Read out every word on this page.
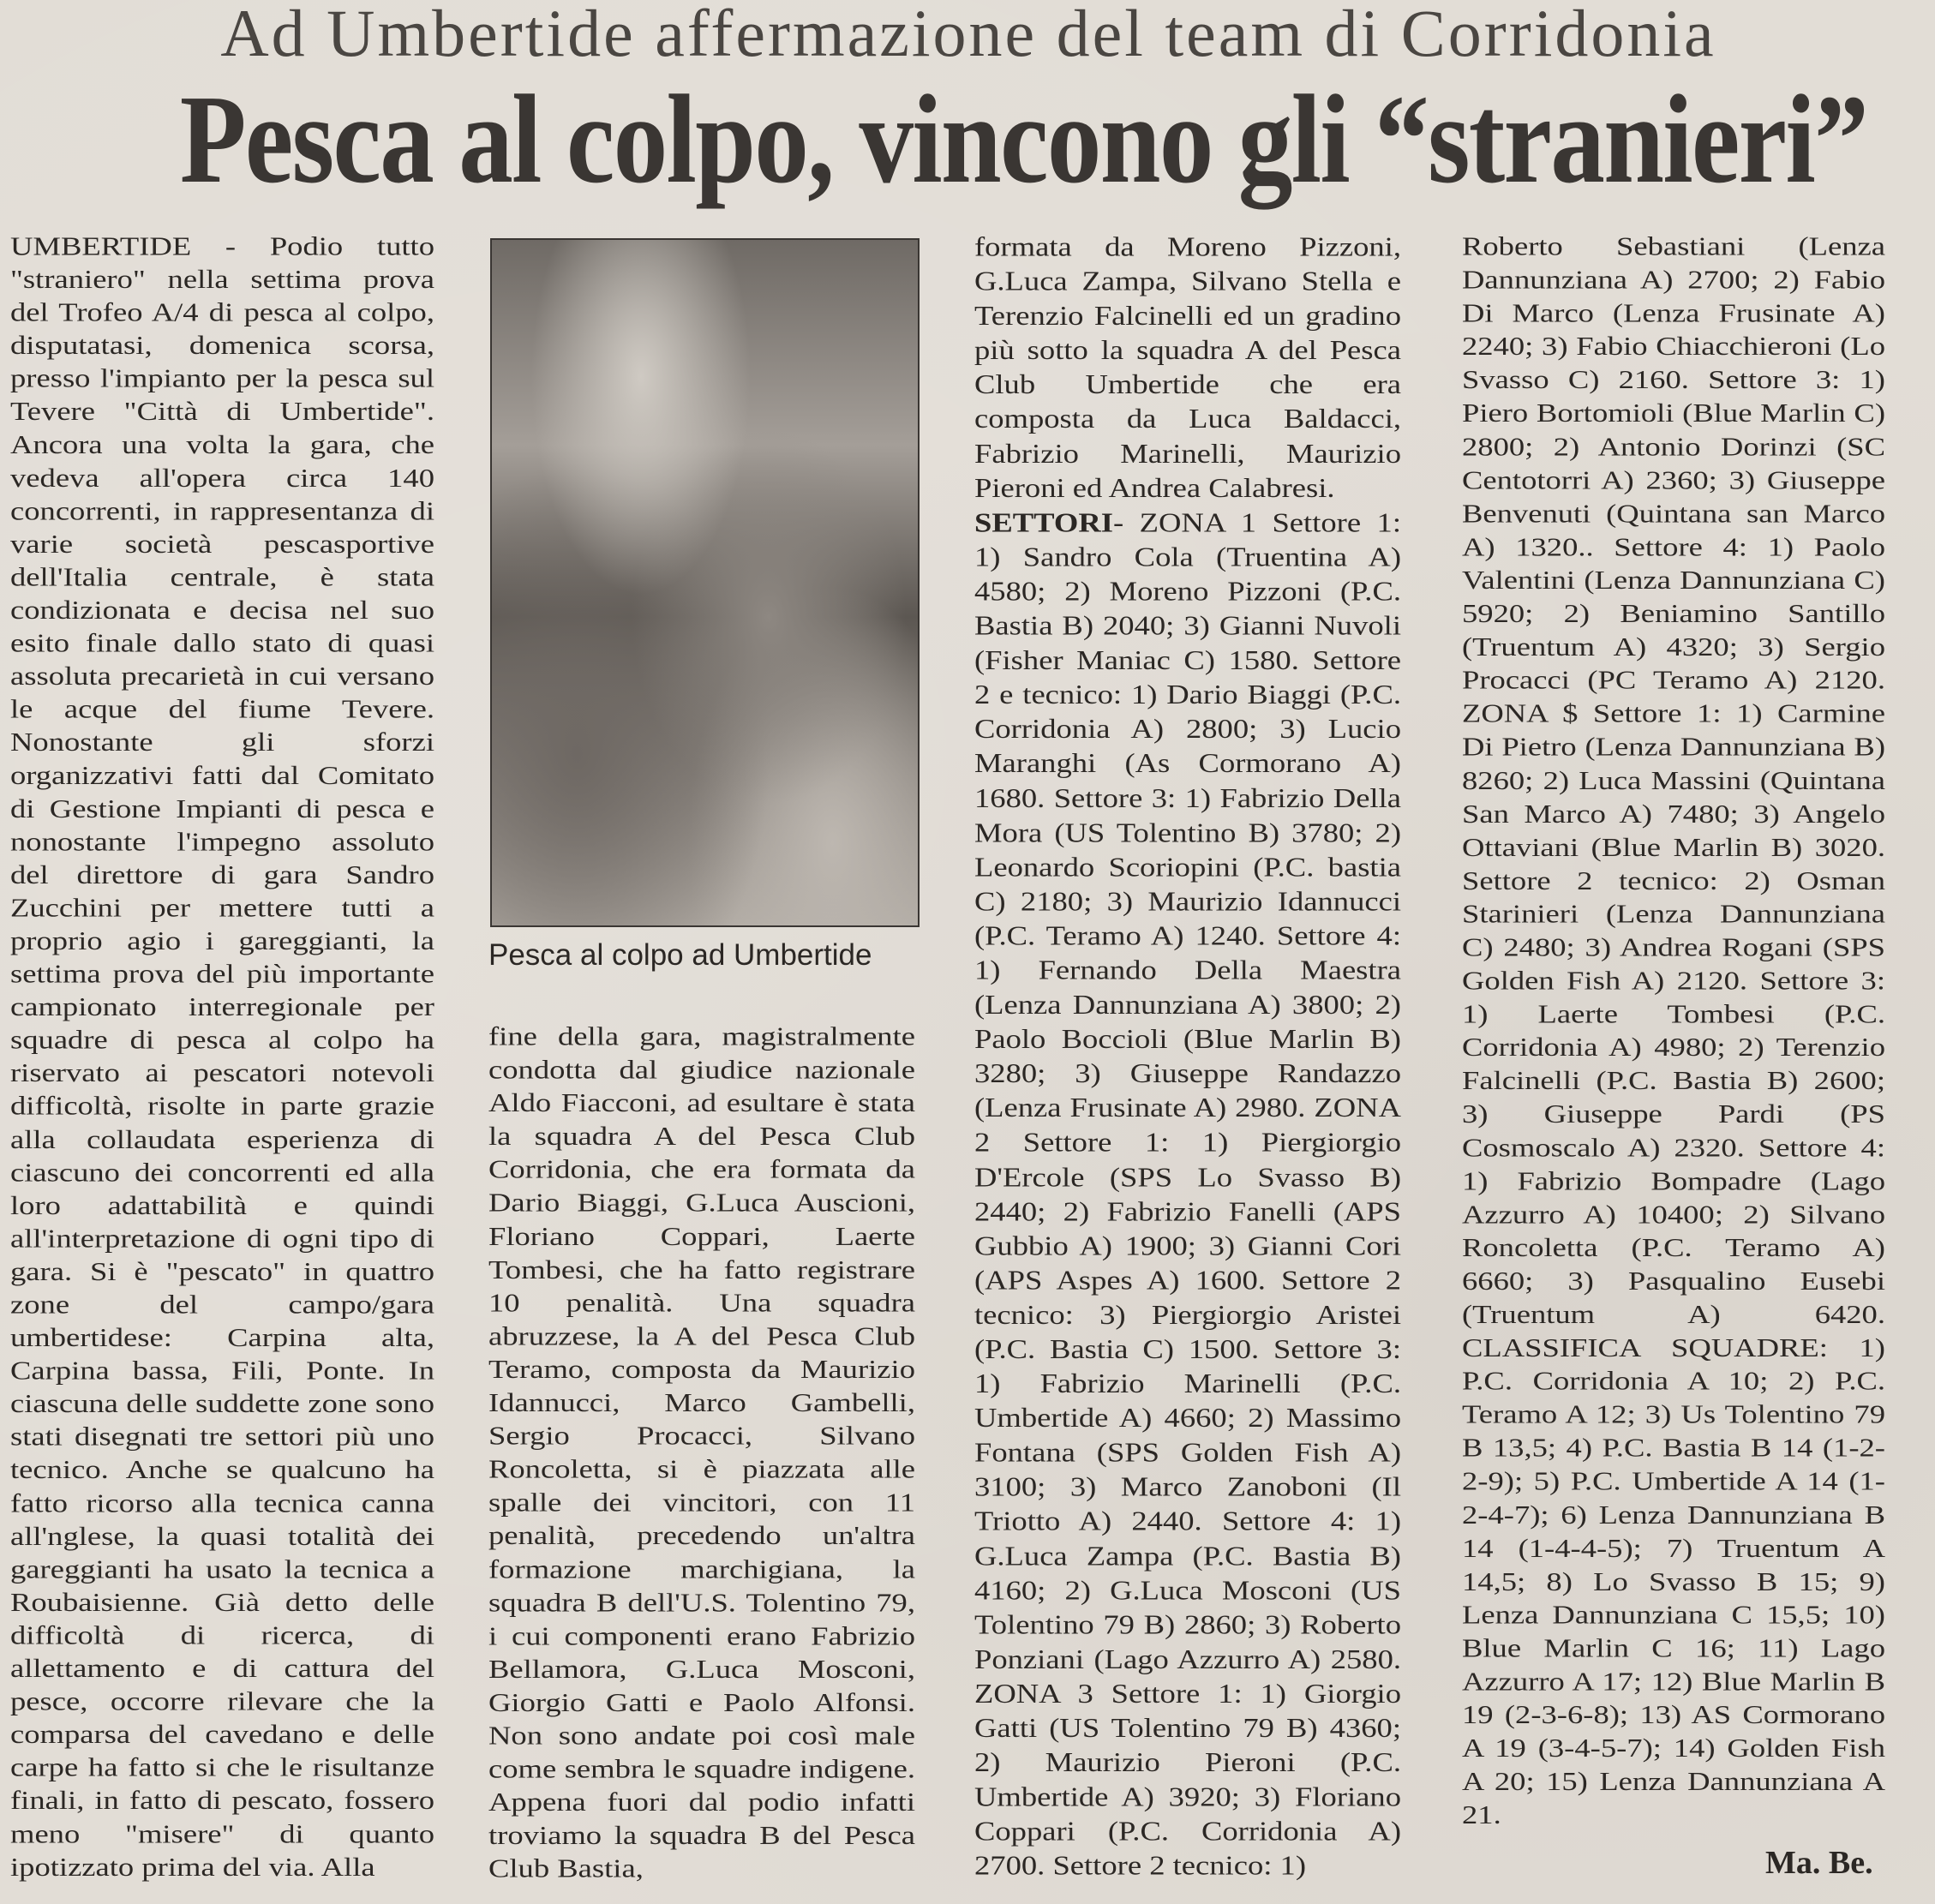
Ad Umbertide affermazione del team di Corridonia
Pesca al colpo, vincono gli “stranieri”

UMBERTIDE - Podio tutto "straniero" nella settima prova del Trofeo A/4 di pesca al colpo, disputatasi, domenica scorsa, presso l'impianto per la pesca sul Tevere "Città di Umbertide". Ancora una volta la gara, che vedeva all'opera circa 140 concorrenti, in rappresentanza di varie società pescasportive dell'Italia centrale, è stata condizionata e decisa nel suo esito finale dallo stato di quasi assoluta precarietà in cui versano le acque del fiume Tevere. Nonostante gli sforzi organizzativi fatti dal Comitato di Gestione Impianti di pesca e nonostante l'impegno assoluto del direttore di gara Sandro Zucchini per mettere tutti a proprio agio i gareggianti, la settima prova del più importante campionato interregionale per squadre di pesca al colpo ha riservato ai pescatori notevoli difficoltà, risolte in parte grazie alla collaudata esperienza di ciascuno dei concorrenti ed alla loro adattabilità e quindi all'interpretazione di ogni tipo di gara. Si è "pescato" in quattro zone del campo/gara umbertidese: Carpina alta, Carpina bassa, Fili, Ponte. In ciascuna delle suddette zone sono stati disegnati tre settori più uno tecnico. Anche se qualcuno ha fatto ricorso alla tecnica canna all'nglese, la quasi totalità dei gareggianti ha usato la tecnica a Roubaisienne. Già detto delle difficoltà di ricerca, di allettamento e di cattura del pesce, occorre rilevare che la comparsa del cavedano e delle carpe ha fatto si che le risultanze finali, in fatto di pescato, fossero meno "misere" di quanto ipotizzato prima del via. Alla

Pesca al colpo ad Umbertide

fine della gara, magistralmente condotta dal giudice nazionale Aldo Fiacconi, ad esultare è stata la squadra A del Pesca Club Corridonia, che era formata da Dario Biaggi, G.Luca Auscioni, Floriano Coppari, Laerte Tombesi, che ha fatto registrare 10 penalità. Una squadra abruzzese, la A del Pesca Club Teramo, composta da Maurizio Idannucci, Marco Gambelli, Sergio Procacci, Silvano Roncoletta, si è piazzata alle spalle dei vincitori, con 11 penalità, precedendo un'altra formazione marchigiana, la squadra B dell'U.S. Tolentino 79, i cui componenti erano Fabrizio Bellamora, G.Luca Mosconi, Giorgio Gatti e Paolo Alfonsi. Non sono andate poi così male come sembra le squadre indigene. Appena fuori dal podio infatti troviamo la squadra B del Pesca Club Bastia,

formata da Moreno Pizzoni, G.Luca Zampa, Silvano Stella e Terenzio Falcinelli ed un gradino più sotto la squadra A del Pesca Club Umbertide che era composta da Luca Baldacci, Fabrizio Marinelli, Maurizio Pieroni ed Andrea Calabresi.

SETTORI- ZONA 1 Settore 1: 1) Sandro Cola (Truentina A) 4580; 2) Moreno Pizzoni (P.C. Bastia B) 2040; 3) Gianni Nuvoli (Fisher Maniac C) 1580. Settore 2 e tecnico: 1) Dario Biaggi (P.C. Corridonia A) 2800; 3) Lucio Maranghi (As Cormorano A) 1680. Settore 3: 1) Fabrizio Della Mora (US Tolentino B) 3780; 2) Leonardo Scoriopini (P.C. bastia C) 2180; 3) Maurizio Idannucci (P.C. Teramo A) 1240. Settore 4: 1) Fernando Della Maestra (Lenza Dannunziana A) 3800; 2) Paolo Boccioli (Blue Marlin B) 3280; 3) Giuseppe Randazzo (Lenza Frusinate A) 2980. ZONA 2 Settore 1: 1) Piergiorgio D'Ercole (SPS Lo Svasso B) 2440; 2) Fabrizio Fanelli (APS Gubbio A) 1900; 3) Gianni Cori (APS Aspes A) 1600. Settore 2 tecnico: 3) Piergiorgio Aristei (P.C. Bastia C) 1500. Settore 3: 1) Fabrizio Marinelli (P.C. Umbertide A) 4660; 2) Massimo Fontana (SPS Golden Fish A) 3100; 3) Marco Zanoboni (Il Triotto A) 2440. Settore 4: 1) G.Luca Zampa (P.C. Bastia B) 4160; 2) G.Luca Mosconi (US Tolentino 79 B) 2860; 3) Roberto Ponziani (Lago Azzurro A) 2580. ZONA 3 Settore 1: 1) Giorgio Gatti (US Tolentino 79 B) 4360; 2) Maurizio Pieroni (P.C. Umbertide A) 3920; 3) Floriano Coppari (P.C. Corridonia A) 2700. Settore 2 tecnico: 1)

Roberto Sebastiani (Lenza Dannunziana A) 2700; 2) Fabio Di Marco (Lenza Frusinate A) 2240; 3) Fabio Chiacchieroni (Lo Svasso C) 2160. Settore 3: 1) Piero Bortomioli (Blue Marlin C) 2800; 2) Antonio Dorinzi (SC Centotorri A) 2360; 3) Giuseppe Benvenuti (Quintana san Marco A) 1320.. Settore 4: 1) Paolo Valentini (Lenza Dannunziana C) 5920; 2) Beniamino Santillo (Truentum A) 4320; 3) Sergio Procacci (PC Teramo A) 2120. ZONA $ Settore 1: 1) Carmine Di Pietro (Lenza Dannunziana B) 8260; 2) Luca Massini (Quintana San Marco A) 7480; 3) Angelo Ottaviani (Blue Marlin B) 3020. Settore 2 tecnico: 2) Osman Starinieri (Lenza Dannunziana C) 2480; 3) Andrea Rogani (SPS Golden Fish A) 2120. Settore 3: 1) Laerte Tombesi (P.C. Corridonia A) 4980; 2) Terenzio Falcinelli (P.C. Bastia B) 2600; 3) Giuseppe Pardi (PS Cosmoscalo A) 2320. Settore 4: 1) Fabrizio Bompadre (Lago Azzurro A) 10400; 2) Silvano Roncoletta (P.C. Teramo A) 6660; 3) Pasqualino Eusebi (Truentum A) 6420. CLASSIFICA SQUADRE: 1) P.C. Corridonia A 10; 2) P.C. Teramo A 12; 3) Us Tolentino 79 B 13,5; 4) P.C. Bastia B 14 (1-2-2-9); 5) P.C. Umbertide A 14 (1-2-4-7); 6) Lenza Dannunziana B 14 (1-4-4-5); 7) Truentum A 14,5; 8) Lo Svasso B 15; 9) Lenza Dannunziana C 15,5; 10) Blue Marlin C 16; 11) Lago Azzurro A 17; 12) Blue Marlin B 19 (2-3-6-8); 13) AS Cormorano A 19 (3-4-5-7); 14) Golden Fish A 20; 15) Lenza Dannunziana A 21.

Ma. Be.
